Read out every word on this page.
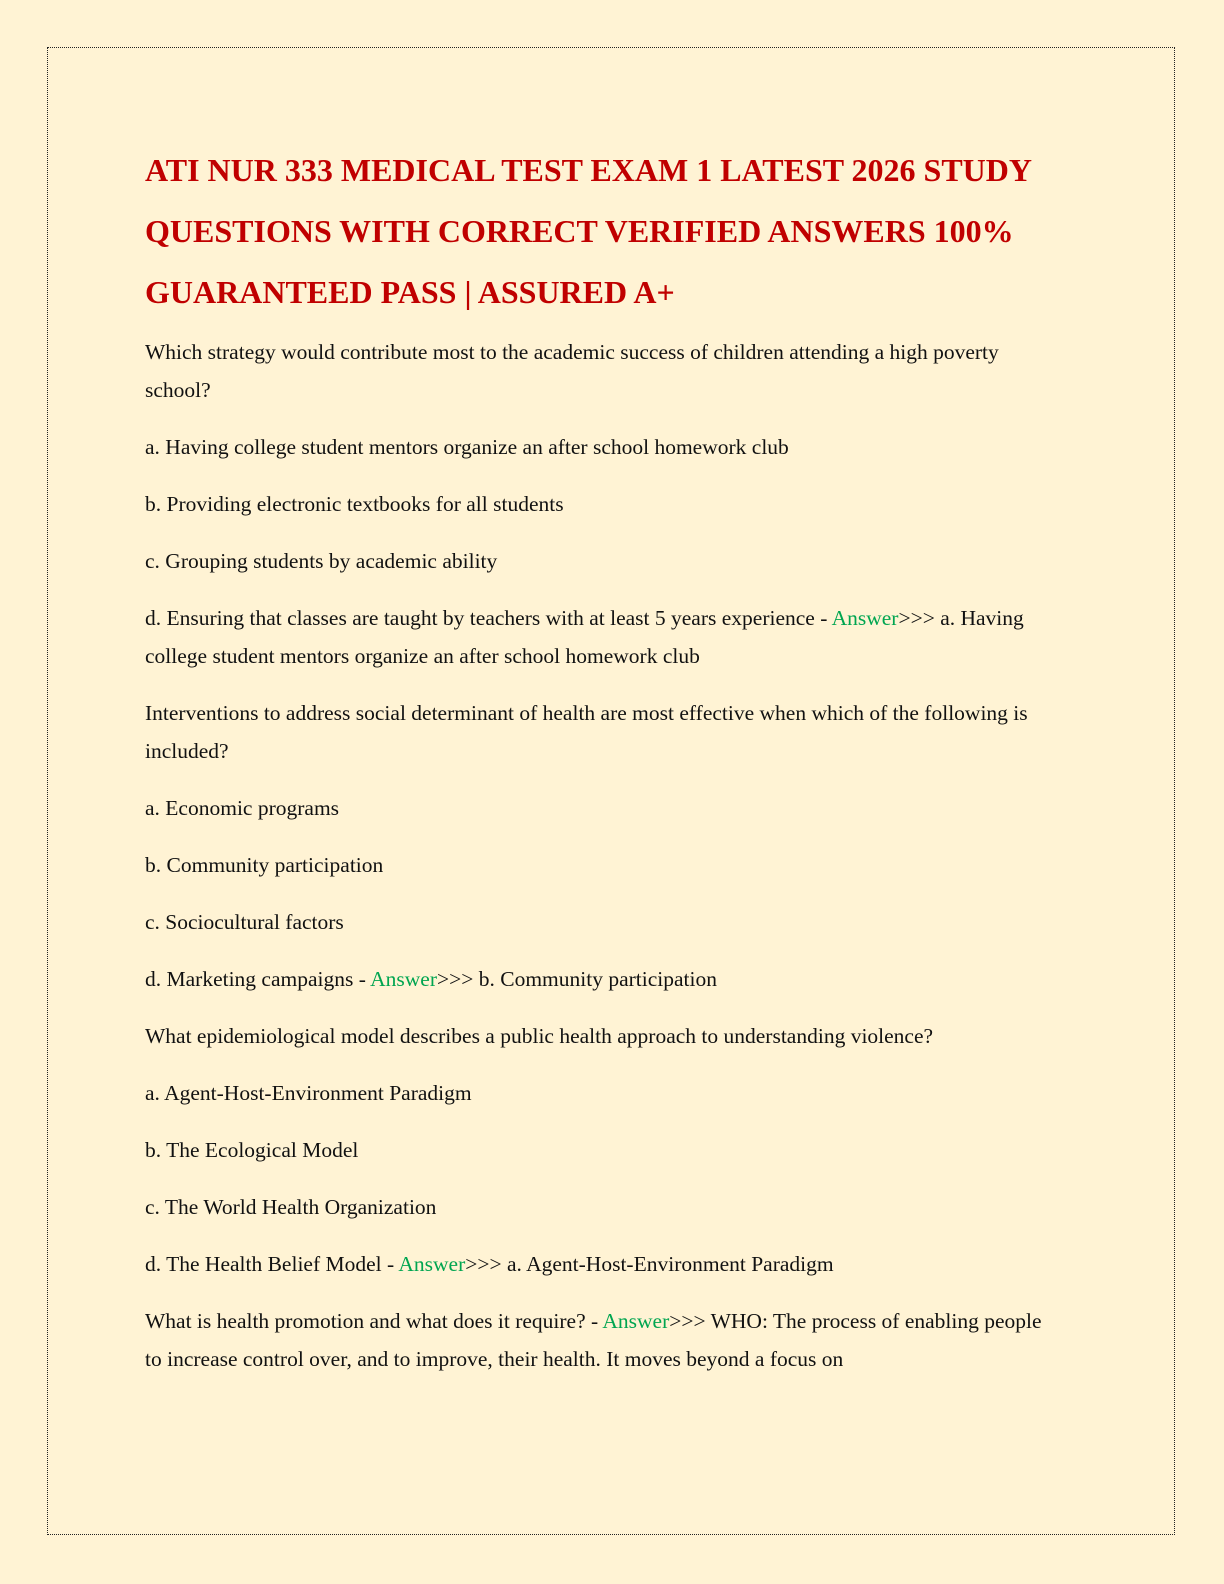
ATI NUR 333 MEDICAL TEST EXAM 1 LATEST 2026 STUDY QUESTIONS WITH CORRECT VERIFIED ANSWERS 100% GUARANTEED PASS | ASSURED A+

Which strategy would contribute most to the academic success of children attending a high poverty school?

a. Having college student mentors organize an after school homework club

b. Providing electronic textbooks for all students

c. Grouping students by academic ability

d. Ensuring that classes are taught by teachers with at least 5 years experience - Answer>>> a. Having college student mentors organize an after school homework club

Interventions to address social determinant of health are most effective when which of the following is included?

a. Economic programs

b. Community participation

c. Sociocultural factors

d. Marketing campaigns - Answer>>> b. Community participation

What epidemiological model describes a public health approach to understanding violence?

a. Agent-Host-Environment Paradigm

b. The Ecological Model

c. The World Health Organization

d. The Health Belief Model - Answer>>> a. Agent-Host-Environment Paradigm

What is health promotion and what does it require? - Answer>>> WHO: The process of enabling people to increase control over, and to improve, their health. It moves beyond a focus on
